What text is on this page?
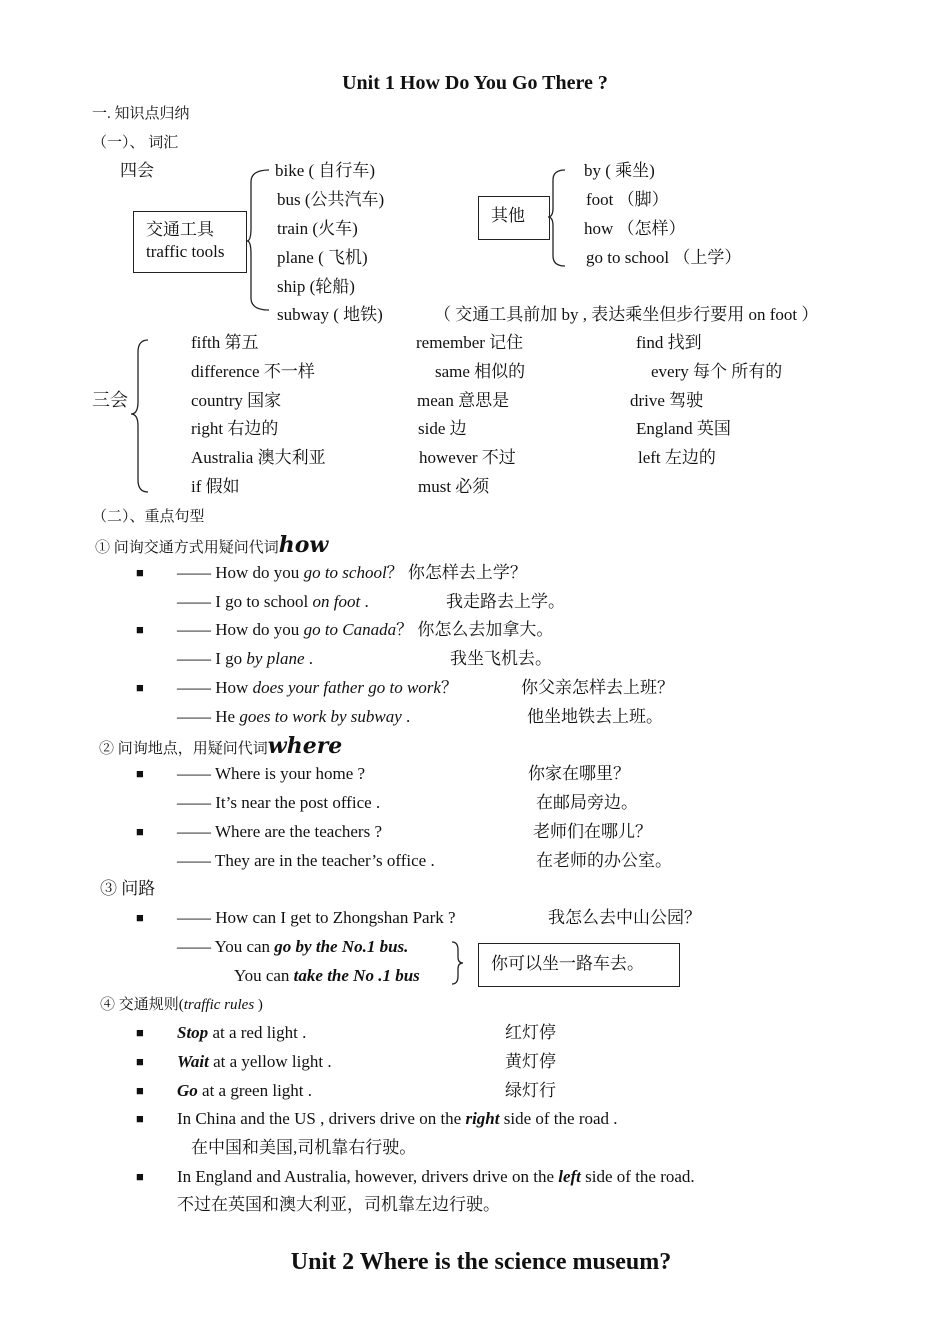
Unit 1 How Do You Go There ?
一. 知识点归纳
（一）、 词汇
四会
交通工具
traffic tools
bike ( 自行车)
bus (公共汽车)
train (火车)
plane ( 飞机)
ship (轮船)
subway ( 地铁)	（ 交通工具前加 by , 表达乘坐但步行要用 on foot ）
其他
by ( 乘坐)
foot （脚）
how （怎样）
go to school （上学）
三会
fifth 第五	remember 记住	find 找到
difference 不一样	same 相似的	every 每个 所有的
country 国家	mean 意思是	drive 驾驶
right 右边的	side 边	England 英国
Australia 澳大利亚	however 不过	left 左边的
if 假如	must 必须
（二）、重点句型
① 问询交通方式用疑问代词how
■ —— How do you go to school？ 你怎样去上学？
—— I go to school on foot .	我走路去上学。
■ —— How do you go to Canada？ 你怎么去加拿大。
—— I go by plane .	我坐飞机去。
■ —— How does your father go to work？	你父亲怎样去上班？
—— He goes to work by subway .	他坐地铁去上班。
② 问询地点，用疑问代词where
■ —— Where is your home ?	你家在哪里？
—— It’s near the post office .	在邮局旁边。
■ —— Where are the teachers ?	老师们在哪儿？
—— They are in the teacher’s office .	在老师的办公室。
③ 问路
■ —— How can I get to Zhongshan Park ?	我怎么去中山公园？
—— You can go by the No.1 bus.
You can take the No .1 bus
你可以坐一路车去。
④ 交通规则(traffic rules )
■ Stop at a red light .	红灯停
■ Wait at a yellow light .	黄灯停
■ Go at a green light .	绿灯行
■ In China and the US , drivers drive on the right side of the road .
在中国和美国,司机靠右行驶。
■ In England and Australia, however, drivers drive on the left side of the road.
不过在英国和澳大利亚，司机靠左边行驶。
Unit 2 Where is the science museum?
